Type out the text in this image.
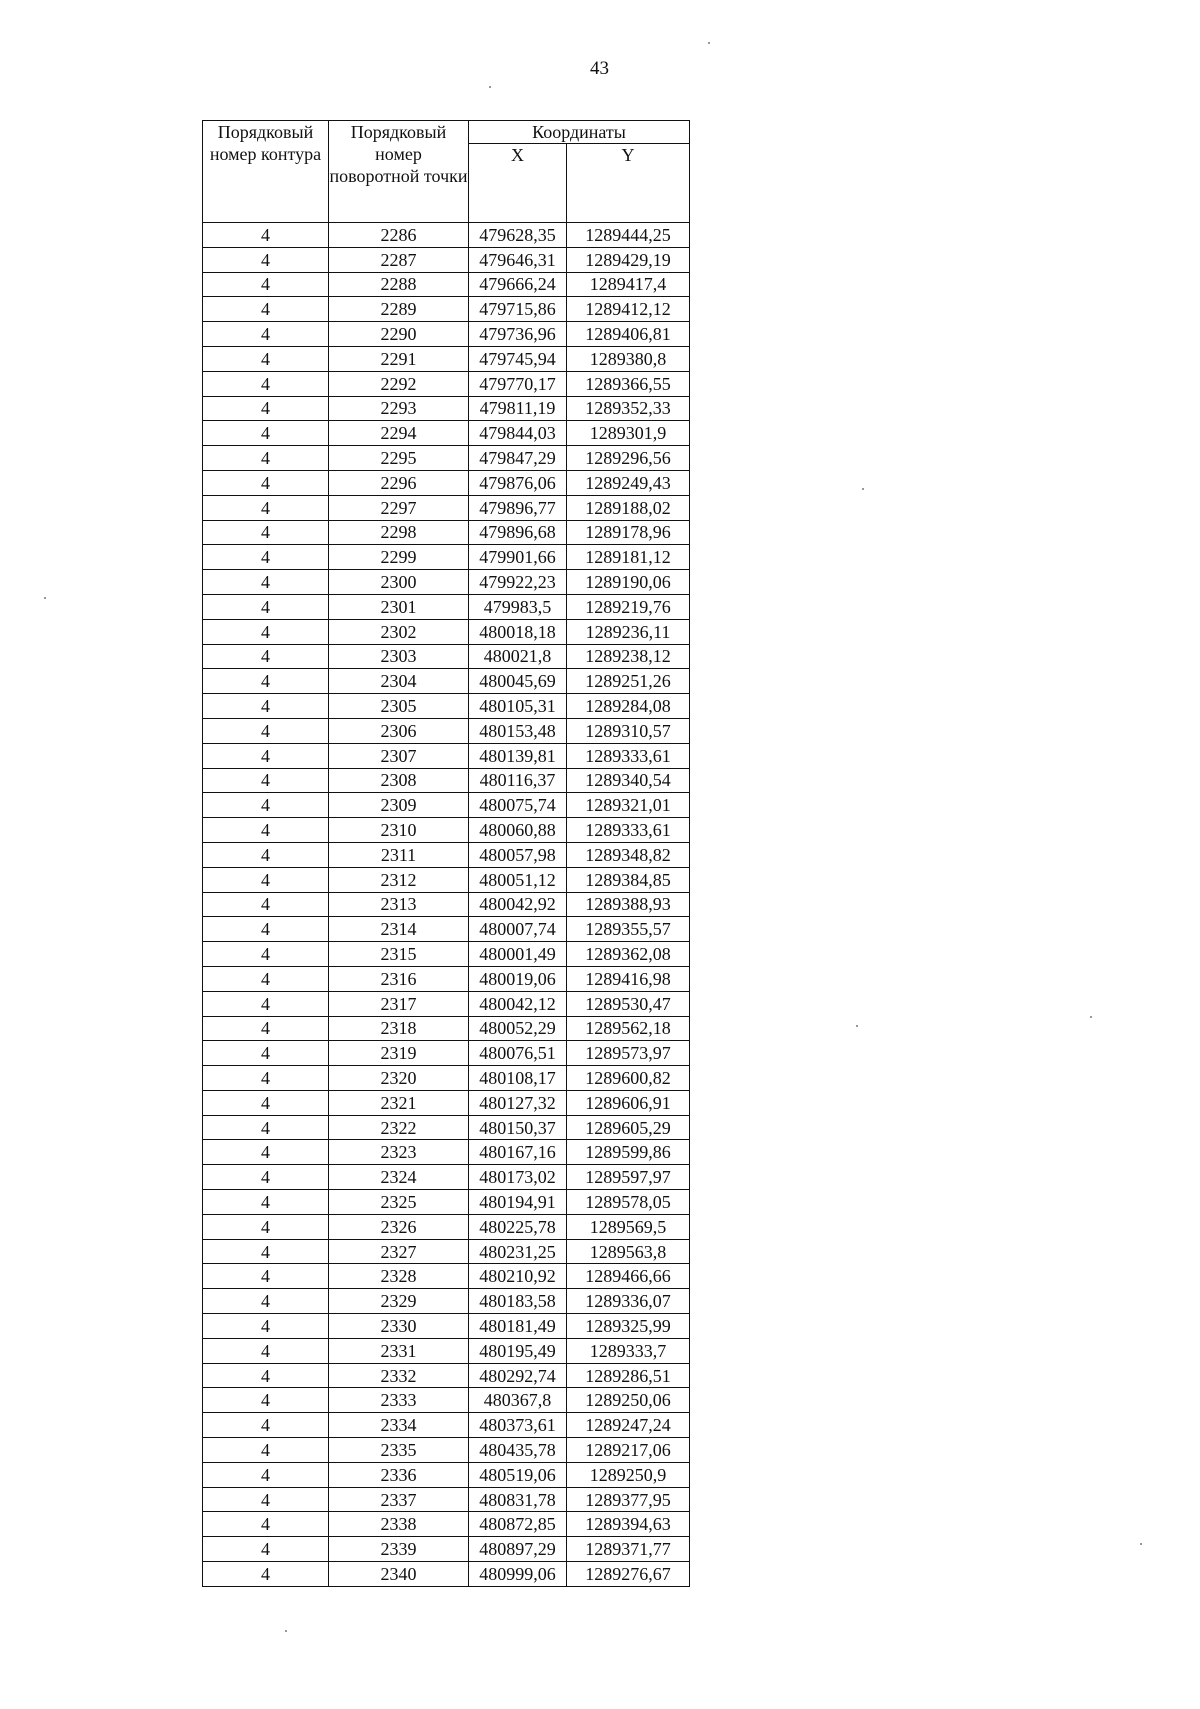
43
Порядковый номер контура	Порядковый номер поворотной точки	Координаты	
		X	Y
4	2286	479628,35	1289444,25
4	2287	479646,31	1289429,19
4	2288	479666,24	1289417,4
4	2289	479715,86	1289412,12
4	2290	479736,96	1289406,81
4	2291	479745,94	1289380,8
4	2292	479770,17	1289366,55
4	2293	479811,19	1289352,33
4	2294	479844,03	1289301,9
4	2295	479847,29	1289296,56
4	2296	479876,06	1289249,43
4	2297	479896,77	1289188,02
4	2298	479896,68	1289178,96
4	2299	479901,66	1289181,12
4	2300	479922,23	1289190,06
4	2301	479983,5	1289219,76
4	2302	480018,18	1289236,11
4	2303	480021,8	1289238,12
4	2304	480045,69	1289251,26
4	2305	480105,31	1289284,08
4	2306	480153,48	1289310,57
4	2307	480139,81	1289333,61
4	2308	480116,37	1289340,54
4	2309	480075,74	1289321,01
4	2310	480060,88	1289333,61
4	2311	480057,98	1289348,82
4	2312	480051,12	1289384,85
4	2313	480042,92	1289388,93
4	2314	480007,74	1289355,57
4	2315	480001,49	1289362,08
4	2316	480019,06	1289416,98
4	2317	480042,12	1289530,47
4	2318	480052,29	1289562,18
4	2319	480076,51	1289573,97
4	2320	480108,17	1289600,82
4	2321	480127,32	1289606,91
4	2322	480150,37	1289605,29
4	2323	480167,16	1289599,86
4	2324	480173,02	1289597,97
4	2325	480194,91	1289578,05
4	2326	480225,78	1289569,5
4	2327	480231,25	1289563,8
4	2328	480210,92	1289466,66
4	2329	480183,58	1289336,07
4	2330	480181,49	1289325,99
4	2331	480195,49	1289333,7
4	2332	480292,74	1289286,51
4	2333	480367,8	1289250,06
4	2334	480373,61	1289247,24
4	2335	480435,78	1289217,06
4	2336	480519,06	1289250,9
4	2337	480831,78	1289377,95
4	2338	480872,85	1289394,63
4	2339	480897,29	1289371,77
4	2340	480999,06	1289276,67
